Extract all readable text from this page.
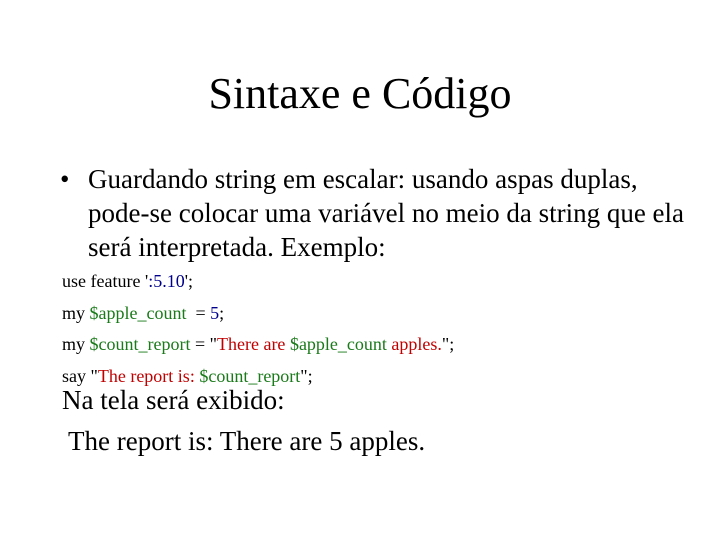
Sintaxe e Código
• Guardando string em escalar: usando aspas duplas, pode-se colocar uma variável no meio da string que ela será interpretada. Exemplo:
use feature ':5.10';
my $apple_count  = 5;
my $count_report = "There are $apple_count apples.";
say "The report is: $count_report";
Na tela será exibido:
The report is: There are 5 apples.
